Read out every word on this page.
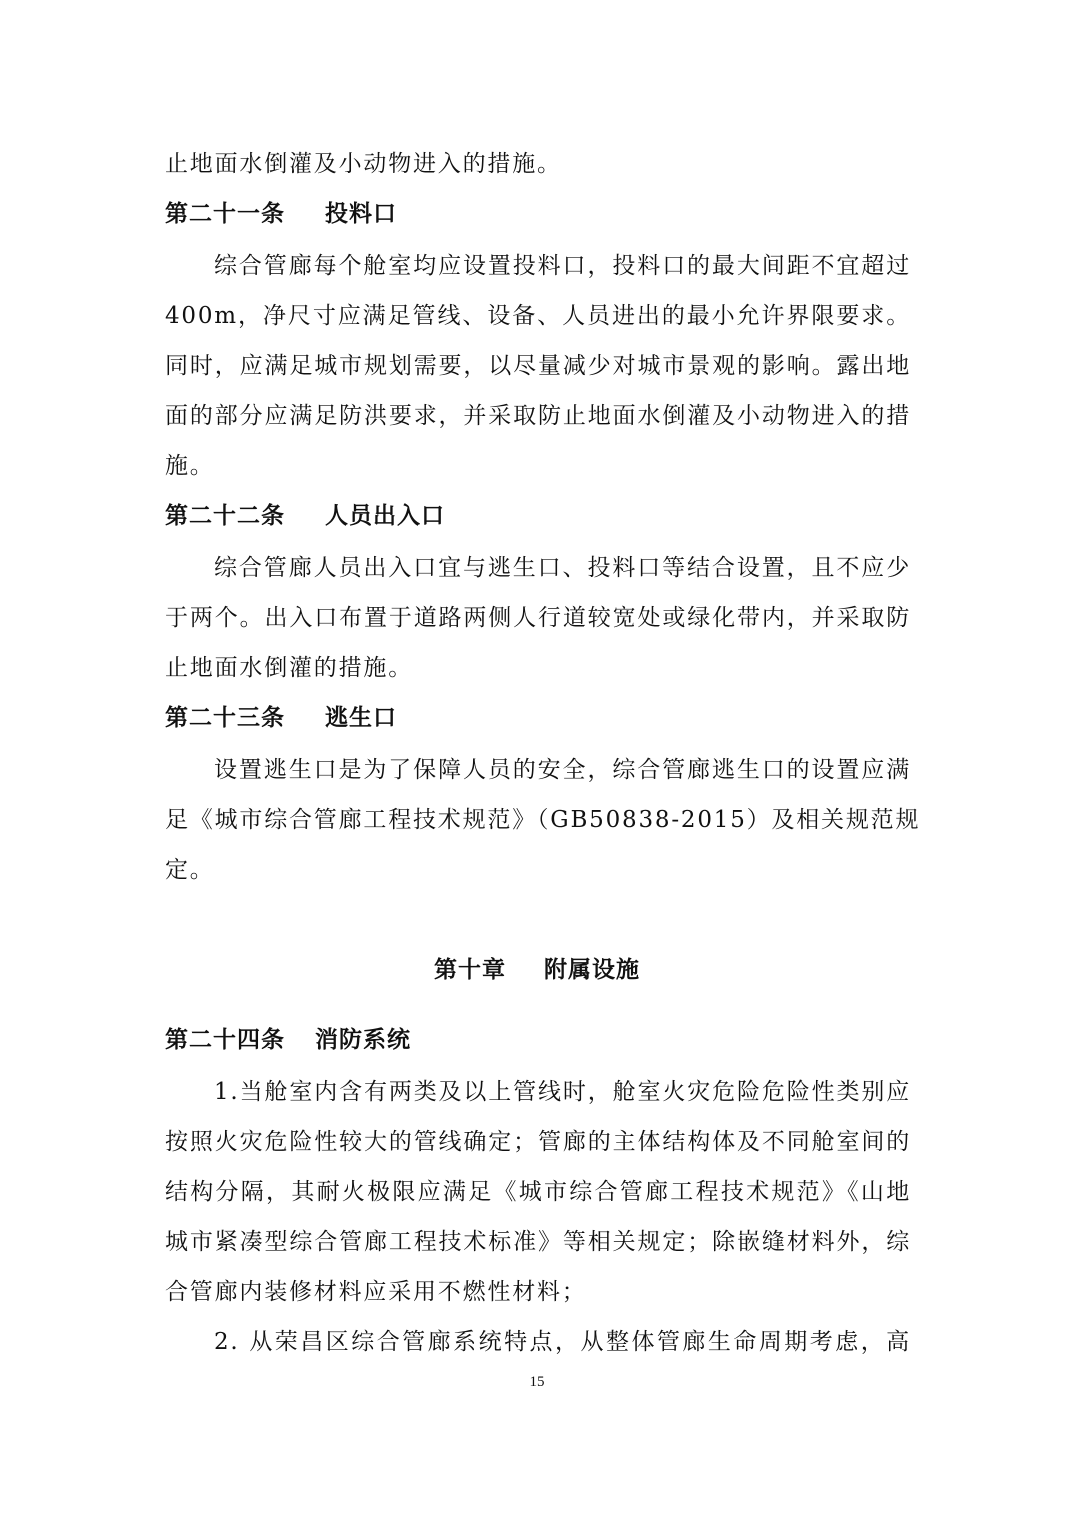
止地面水倒灌及小动物进入的措施。
第二十一条 投料口
综合管廊每个舱室均应设置投料口，投料口的最大间距不宜超过
400m，净尺寸应满足管线、设备、人员进出的最小允许界限要求。
同时，应满足城市规划需要，以尽量减少对城市景观的影响。露出地
面的部分应满足防洪要求，并采取防止地面水倒灌及小动物进入的措
施。
第二十二条 人员出入口
综合管廊人员出入口宜与逃生口、投料口等结合设置，且不应少
于两个。出入口布置于道路两侧人行道较宽处或绿化带内，并采取防
止地面水倒灌的措施。
第二十三条 逃生口
设置逃生口是为了保障人员的安全，综合管廊逃生口的设置应满
足《城市综合管廊工程技术规范》（GB50838-2015）及相关规范规
定。
第十章 附属设施
第二十四条 消防系统
1.当舱室内含有两类及以上管线时，舱室火灾危险危险性类别应
按照火灾危险性较大的管线确定；管廊的主体结构体及不同舱室间的
结构分隔，其耐火极限应满足《城市综合管廊工程技术规范》《山地
城市紧凑型综合管廊工程技术标准》等相关规定；除嵌缝材料外，综
合管廊内装修材料应采用不燃性材料；
2. 从荣昌区综合管廊系统特点，从整体管廊生命周期考虑，高
15
